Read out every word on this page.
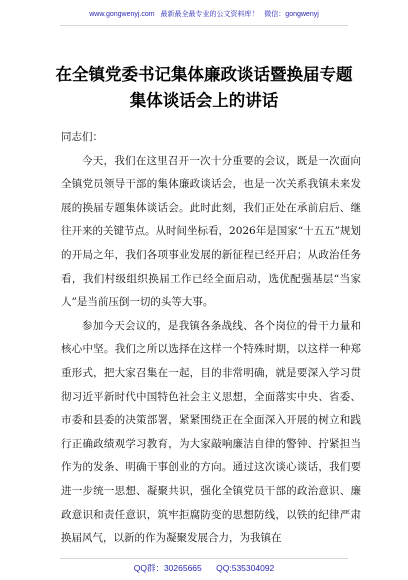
www.gongwenyj.com 最新最全最专业的公文资料库！ 微信：gongwenyj
在全镇党委书记集体廉政谈话暨换届专题
集体谈话会上的讲话

同志们：

今天，我们在这里召开一次十分重要的会议，既是一次面向全镇党员领导干部的集体廉政谈话会，也是一次关系我镇未来发展的换届专题集体谈话会。此时此刻，我们正处在承前启后、继往开来的关键节点。从时间坐标看，2026年是国家“十五五”规划的开局之年，我们各项事业发展的新征程已经开启；从政治任务看，我们村级组织换届工作已经全面启动，选优配强基层“当家人”是当前压倒一切的头等大事。

参加今天会议的，是我镇各条战线、各个岗位的骨干力量和核心中坚。我们之所以选择在这样一个特殊时期，以这样一种郑重形式，把大家召集在一起，目的非常明确，就是要深入学习贯彻习近平新时代中国特色社会主义思想，全面落实中央、省委、市委和县委的决策部署，紧紧围绕正在全面深入开展的树立和践行正确政绩观学习教育，为大家敲响廉洁自律的警钟、拧紧担当作为的发条、明确干事创业的方向。通过这次谈心谈话，我们要进一步统一思想、凝聚共识，强化全镇党员干部的政治意识、廉政意识和责任意识，筑牢拒腐防变的思想防线，以铁的纪律严肃换届风气，以新的作为凝聚发展合力，为我镇在

QQ群：30265665 QQ:535304092
